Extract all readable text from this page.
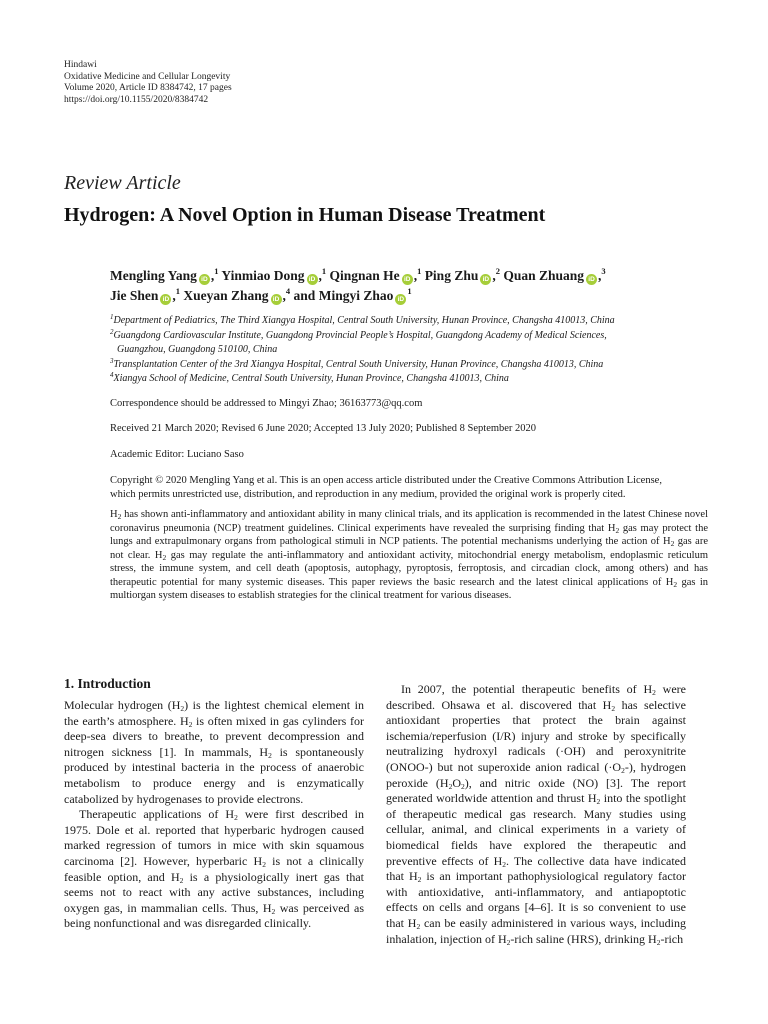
Hindawi
Oxidative Medicine and Cellular Longevity
Volume 2020, Article ID 8384742, 17 pages
https://doi.org/10.1155/2020/8384742
Review Article
Hydrogen: A Novel Option in Human Disease Treatment
Mengling Yang iD ,$^1$ Yinmiao Dong iD ,$^1$ Qingnan He iD ,$^1$ Ping Zhu iD ,$^2$ Quan Zhuang iD ,$^3$
Jie Shen iD ,$^1$ Xueyan Zhang iD ,$^4$ and Mingyi Zhao iD$^1$
$^1$Department of Pediatrics, The Third Xiangya Hospital, Central South University, Hunan Province, Changsha 410013, China
$^2$Guangdong Cardiovascular Institute, Guangdong Provincial People’s Hospital, Guangdong Academy of Medical Sciences,
Guangzhou, Guangdong 510100, China
$^3$Transplantation Center of the 3rd Xiangya Hospital, Central South University, Hunan Province, Changsha 410013, China
$^4$Xiangya School of Medicine, Central South University, Hunan Province, Changsha 410013, China
Correspondence should be addressed to Mingyi Zhao; 36163773@qq.com
Received 21 March 2020; Revised 6 June 2020; Accepted 13 July 2020; Published 8 September 2020
Academic Editor: Luciano Saso
Copyright © 2020 Mengling Yang et al. This is an open access article distributed under the Creative Commons Attribution License,
which permits unrestricted use, distribution, and reproduction in any medium, provided the original work is properly cited.
$H_2$ has shown anti-inflammatory and antioxidant ability in many clinical trials, and its application is recommended in the latest Chinese novel coronavirus pneumonia (NCP) treatment guidelines. Clinical experiments have revealed the surprising finding that $H_2$ gas may protect the lungs and extrapulmonary organs from pathological stimuli in NCP patients. The potential mechanisms underlying the action of $H_2$ gas are not clear. $H_2$ gas may regulate the anti-inflammatory and antioxidant activity, mitochondrial energy metabolism, endoplasmic reticulum stress, the immune system, and cell death (apoptosis, autophagy, pyroptosis, ferroptosis, and circadian clock, among others) and has therapeutic potential for many systemic diseases. This paper reviews the basic research and the latest clinical applications of $H_2$ gas in multiorgan system diseases to establish strategies for the clinical treatment for various diseases.
1. Introduction

Molecular hydrogen $(H_2)$ is the lightest chemical element in the earth’s atmosphere. $H_2$ is often mixed in gas cylinders for deep-sea divers to breathe, to prevent decompression and nitrogen sickness [1]. In mammals, $H_2$ is spontaneously produced by intestinal bacteria in the process of anaerobic metabolism to produce energy and is enzymatically catabolized by hydrogenases to provide electrons.

Therapeutic applications of $H_2$ were first described in 1975. Dole et al. reported that hyperbaric hydrogen caused marked regression of tumors in mice with skin squamous carcinoma [2]. However, hyperbaric $H_2$ is not a clinically feasible option, and $H_2$ is a physiologically inert gas that seems not to react with any active substances, including oxygen gas, in mammalian cells. Thus, $H_2$ was perceived as being nonfunctional and was disregarded clinically.

In 2007, the potential therapeutic benefits of $H_2$ were described. Ohsawa et al. discovered that $H_2$ has selective antioxidant properties that protect the brain against ischemia/reperfusion (I/R) injury and stroke by specifically neutralizing hydroxyl radicals (·OH) and peroxynitrite (ONOO-) but not superoxide anion radical $(\cdot O_2-)$, hydrogen peroxide $(H_2O_2)$, and nitric oxide (NO) [3]. The report generated worldwide attention and thrust $H_2$ into the spotlight of therapeutic medical gas research. Many studies using cellular, animal, and clinical experiments in a variety of biomedical fields have explored the therapeutic and preventive effects of $H_2$. The collective data have indicated that $H_2$ is an important pathophysiological regulatory factor with antioxidative, anti-inflammatory, and antiapoptotic effects on cells and organs [4–6]. It is so convenient to use that $H_2$ can be easily administered in various ways, including inhalation, injection of $H_2$-rich saline (HRS), drinking $H_2$-rich
